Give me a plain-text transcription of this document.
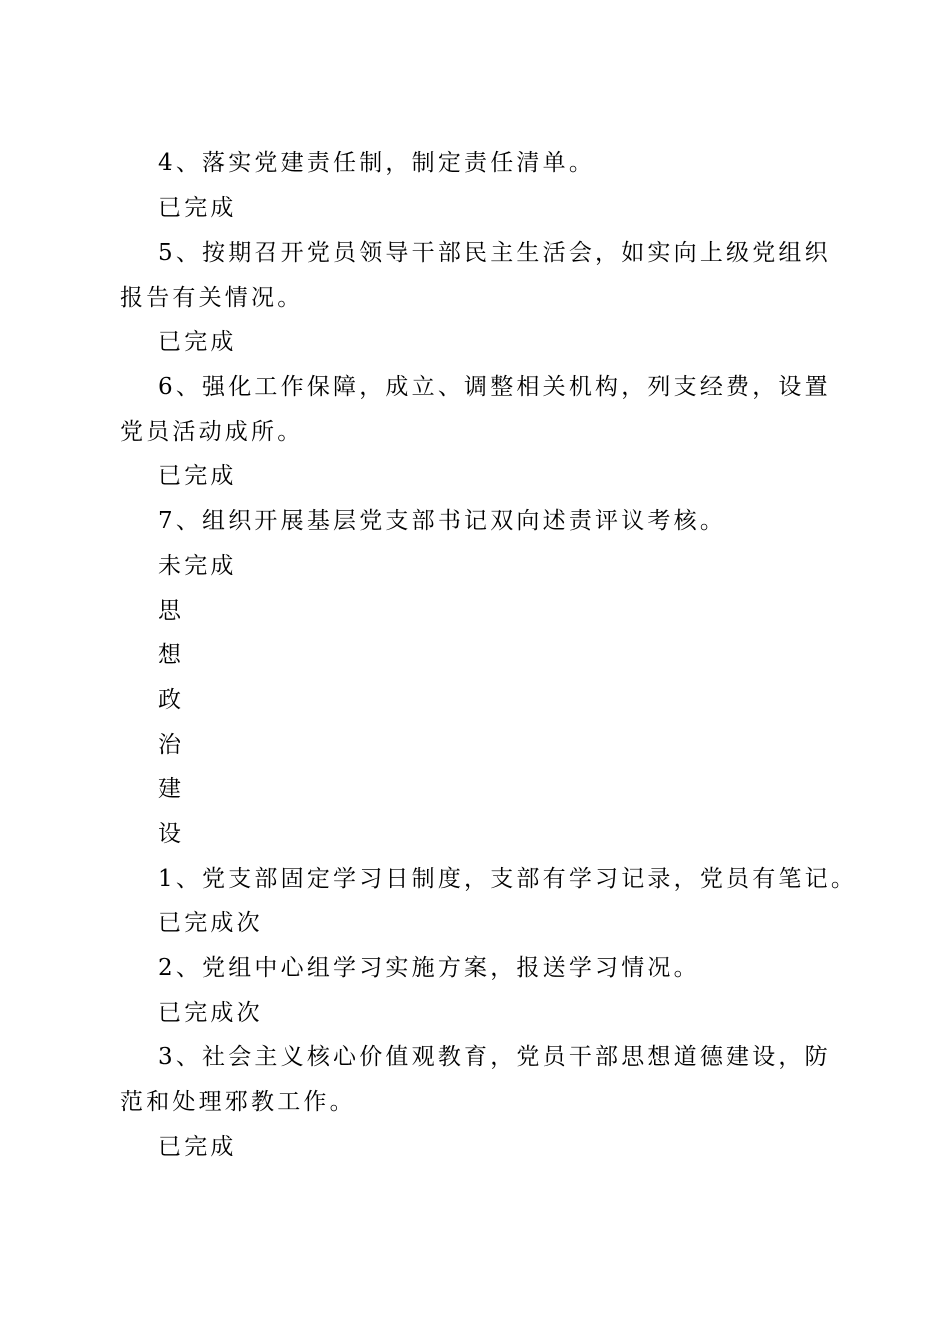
4、落实党建责任制，制定责任清单。
已完成
5、按期召开党员领导干部民主生活会，如实向上级党组织
报告有关情况。
已完成
6、强化工作保障，成立、调整相关机构，列支经费，设置
党员活动成所。
已完成
7、组织开展基层党支部书记双向述责评议考核。
未完成
思
想
政
治
建
设
1、党支部固定学习日制度，支部有学习记录，党员有笔记。
已完成次
2、党组中心组学习实施方案，报送学习情况。
已完成次
3、社会主义核心价值观教育，党员干部思想道德建设，防
范和处理邪教工作。
已完成
